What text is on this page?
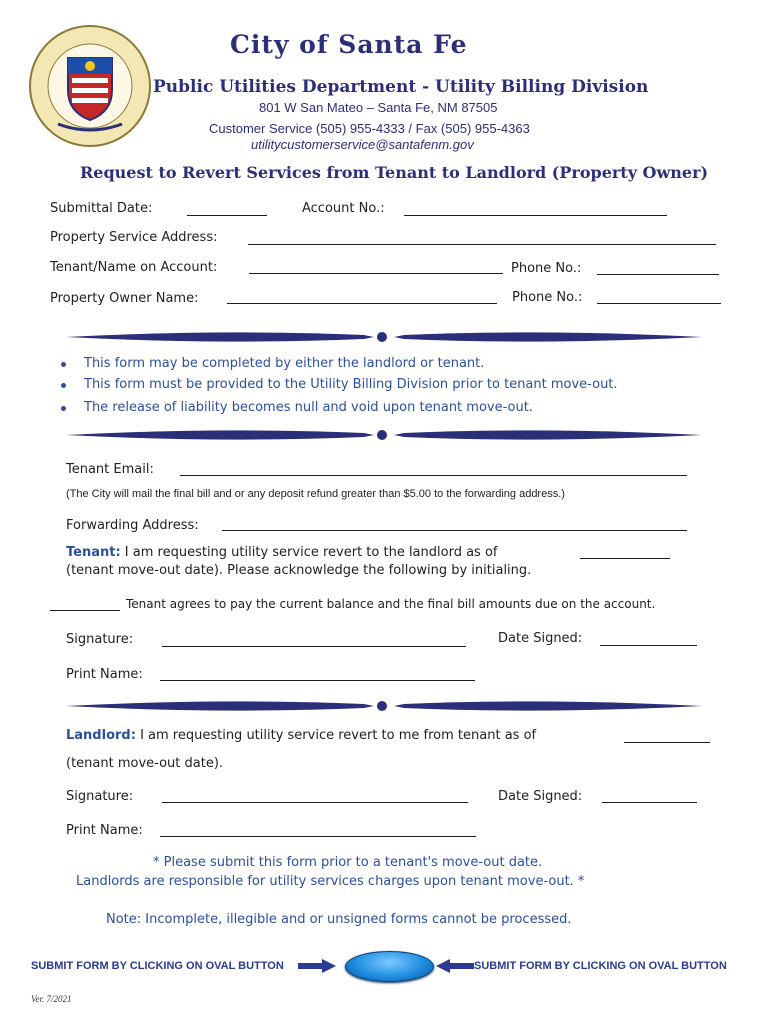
City of Santa Fe
Public Utilities Department - Utility Billing Division
801 W San Mateo – Santa Fe, NM 87505
Customer Service (505) 955-4333 / Fax (505) 955-4363
utilitycustomerservice@santafenm.gov
Request to Revert Services from Tenant to Landlord (Property Owner)
Submittal Date:	Account No.:
Property Service Address:
Tenant/Name on Account:	Phone No.:
Property Owner Name:	Phone No.:
This form may be completed by either the landlord or tenant.
This form must be provided to the Utility Billing Division prior to tenant move-out.
The release of liability becomes null and void upon tenant move-out.
Tenant Email:
(The City will mail the final bill and or any deposit refund greater than $5.00 to the forwarding address.)
Forwarding Address:
Tenant: I am requesting utility service revert to the landlord as of
(tenant move-out date). Please acknowledge the following by initialing.
Tenant agrees to pay the current balance and the final bill amounts due on the account.
Signature:	Date Signed:
Print Name:
Landlord: I am requesting utility service revert to me from tenant as of
(tenant move-out date).
Signature:	Date Signed:
Print Name:
* Please submit this form prior to a tenant's move-out date.
Landlords are responsible for utility services charges upon tenant move-out. *
Note: Incomplete, illegible and or unsigned forms cannot be processed.
SUBMIT FORM BY CLICKING ON OVAL BUTTON	SUBMIT FORM BY CLICKING ON OVAL BUTTON
Ver. 7/2021
